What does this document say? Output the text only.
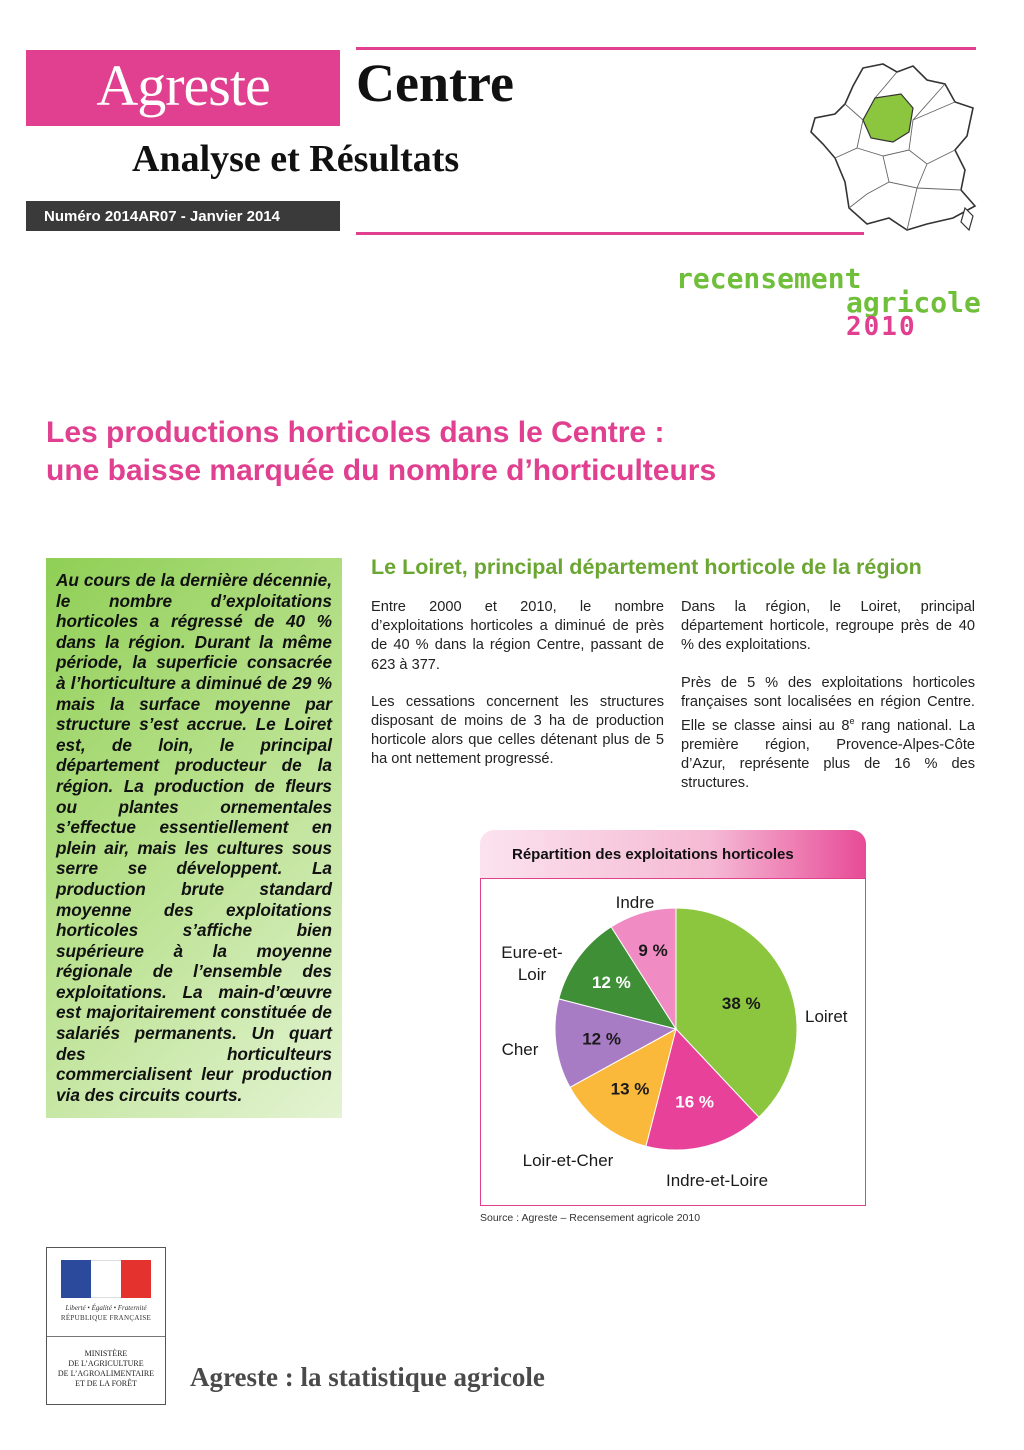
Agreste Centre
Analyse et Résultats
Numéro 2014AR07 - Janvier 2014
recensement
agricole
2010
Les productions horticoles dans le Centre :
une baisse marquée du nombre d’horticulteurs

Au cours de la dernière décennie, le nombre d’exploitations horticoles a régressé de 40 % dans la région. Durant la même période, la superficie consacrée à l’horticulture a diminué de 29 % mais la surface moyenne par structure s’est accrue. Le Loiret est, de loin, le principal département producteur de la région. La production de fleurs ou plantes ornementales s’effectue essentiellement en plein air, mais les cultures sous serre se développent. La production brute standard moyenne des exploitations horticoles s’affiche bien supérieure à la moyenne régionale de l’ensemble des exploitations. La main-d’œuvre est majoritairement constituée de salariés permanents. Un quart des horticulteurs commercialisent leur production via des circuits courts.

Le Loiret, principal département horticole de la région

Entre 2000 et 2010, le nombre d’exploitations horticoles a diminué de près de 40 % dans la région Centre, passant de 623 à 377.

Les cessations concernent les structures disposant de moins de 3 ha de production horticole alors que celles détenant plus de 5 ha ont nettement progressé.

Dans la région, le Loiret, principal département horticole, regroupe près de 40 % des exploitations.

Près de 5 % des exploitations horticoles françaises sont localisées en région Centre. Elle se classe ainsi au 8e rang national. La première région, Provence-Alpes-Côte d’Azur, représente plus de 16 % des structures.

Répartition des exploitations horticoles
38 %
Loiret
16 %
Indre-et-Loire
13 %
Loir-et-Cher
12 %
Cher
12 %
Eure-et-
Loir
9 %
Indre
Source : Agreste – Recensement agricole 2010
Liberté • Égalité • Fraternité
RÉPUBLIQUE FRANÇAISE
MINISTÈRE
DE L’AGRICULTURE
DE L’AGROALIMENTAIRE
ET DE LA FORÊT	Agreste : la statistique agricole
